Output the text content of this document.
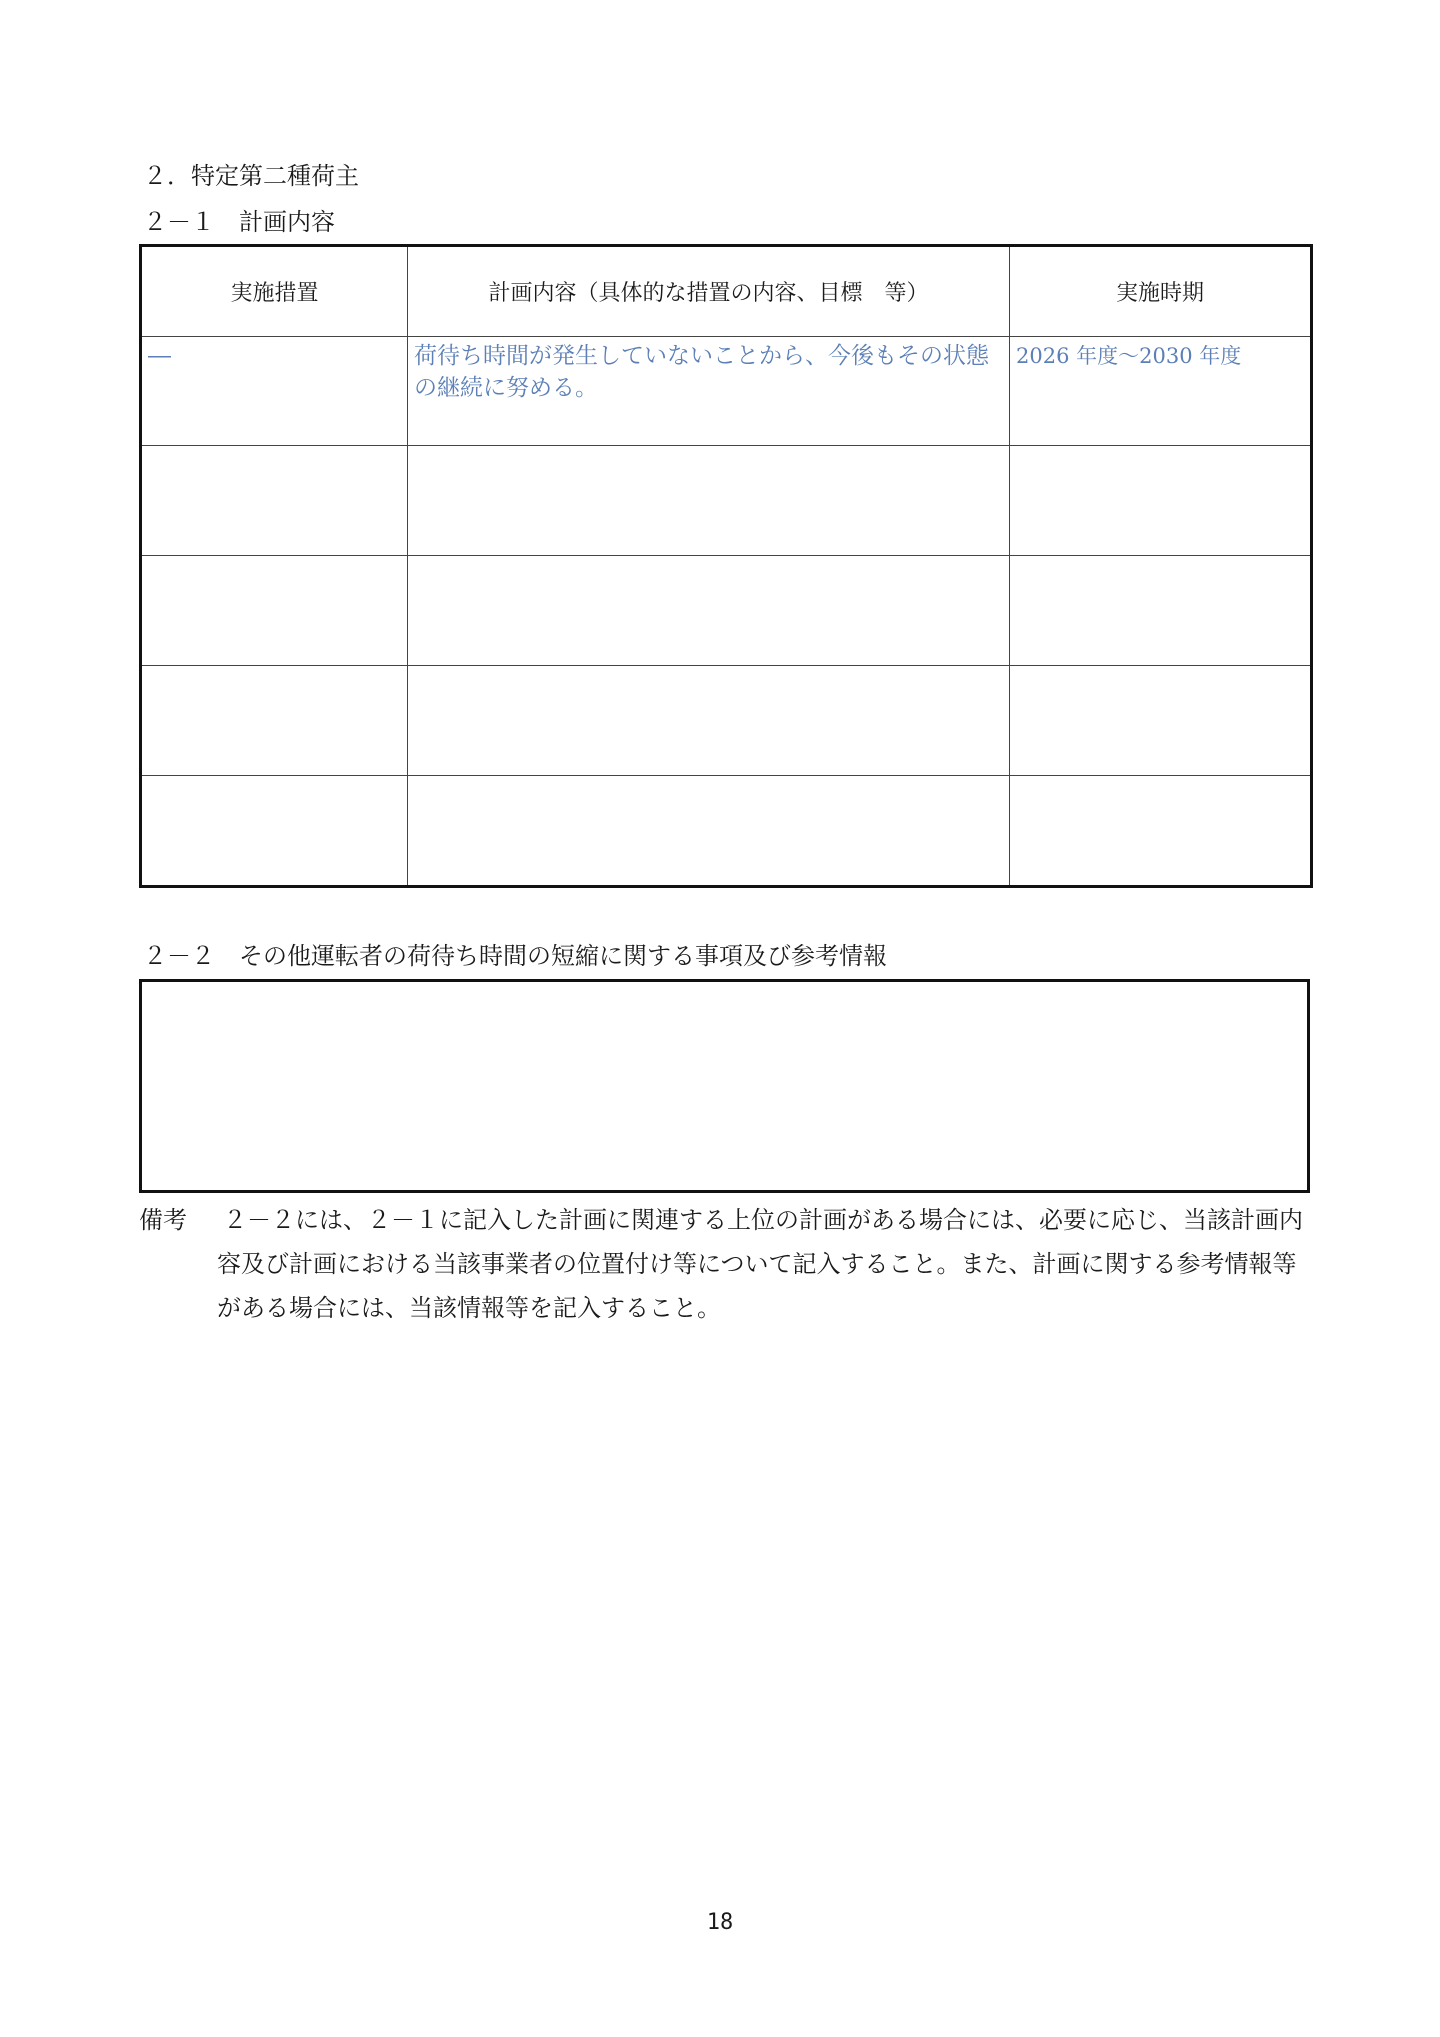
２．特定第二種荷主
２－１　計画内容
実施措置	計画内容（具体的な措置の内容、目標　等）	実施時期

―	荷待ち時間が発生していないことから、今後もその状態の継続に努める。	2026 年度～2030 年度

２－２　その他運転者の荷待ち時間の短縮に関する事項及び参考情報
備考 ２－２には、２－１に記入した計画に関連する上位の計画がある場合には、必要に応じ、当該計画内容及び計画における当該事業者の位置付け等について記入すること。また、計画に関する参考情報等がある場合には、当該情報等を記入すること。
18
